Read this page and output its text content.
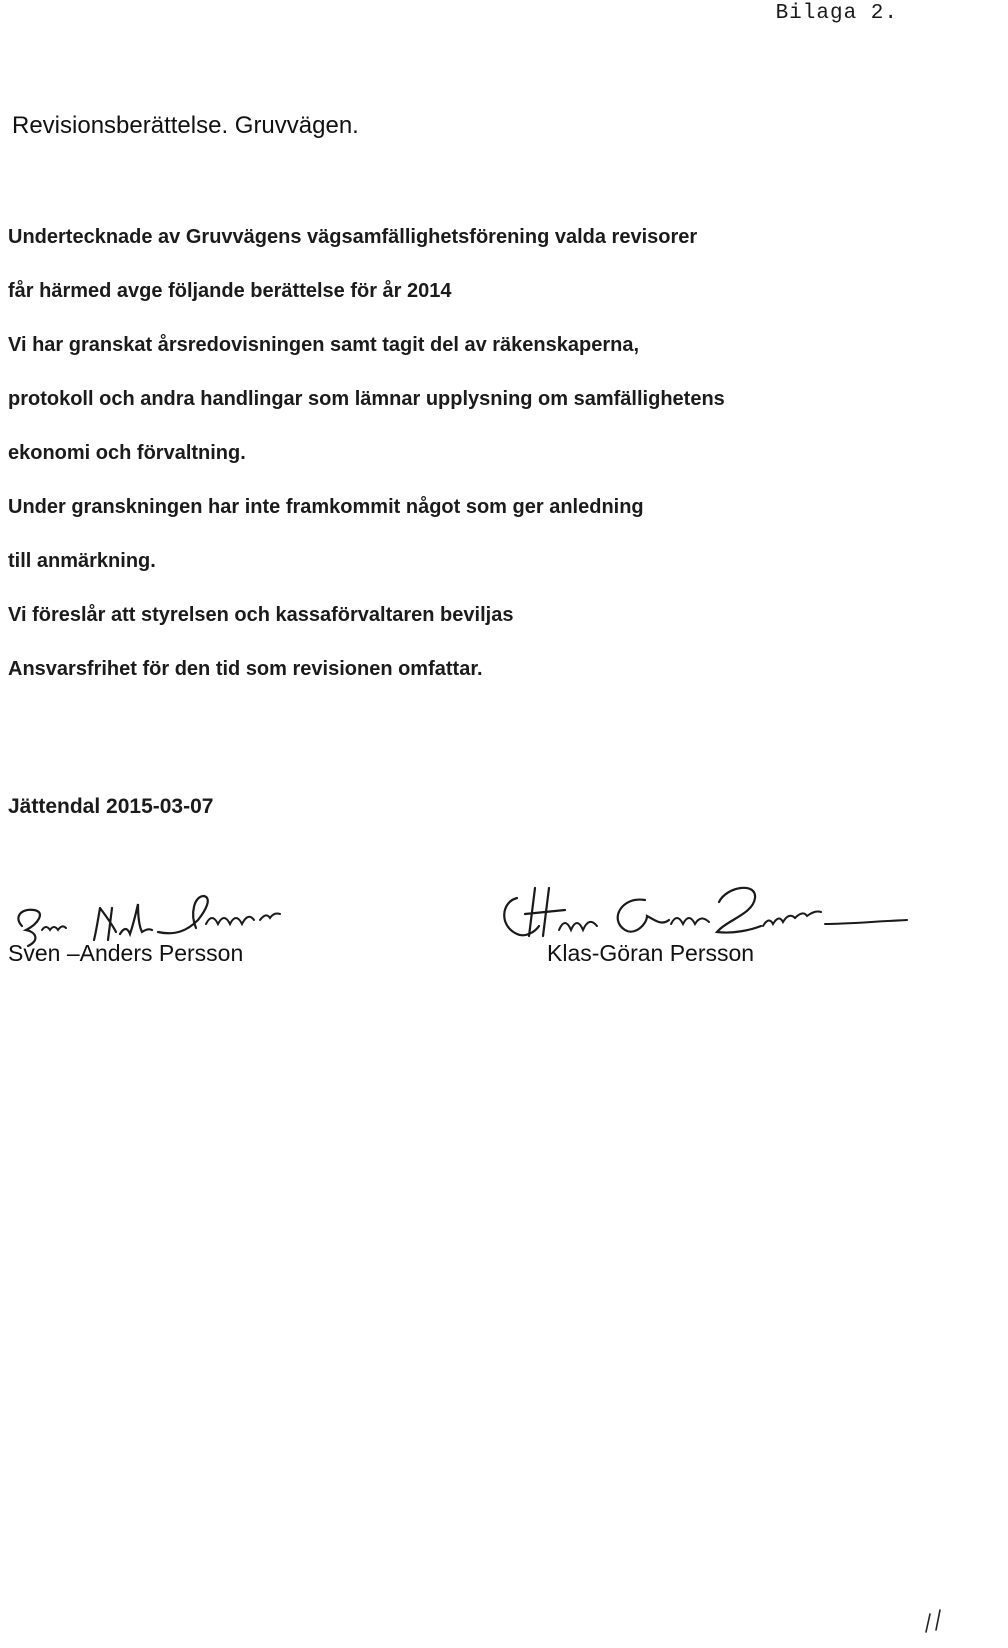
Bilaga 2.
Revisionsberättelse. Gruvvägen.
Undertecknade av Gruvvägens vägsamfällighetsförening valda revisorer
får härmed avge följande berättelse för år 2014
Vi har granskat årsredovisningen samt tagit del av räkenskaperna,
protokoll och andra handlingar som lämnar upplysning om samfällighetens
ekonomi och förvaltning.
Under granskningen har inte framkommit något som ger anledning
till anmärkning.
Vi föreslår att styrelsen och kassaförvaltaren beviljas
Ansvarsfrihet för den tid som revisionen omfattar.
Jättendal 2015-03-07
Sven –Anders Persson	Klas-Göran Persson
